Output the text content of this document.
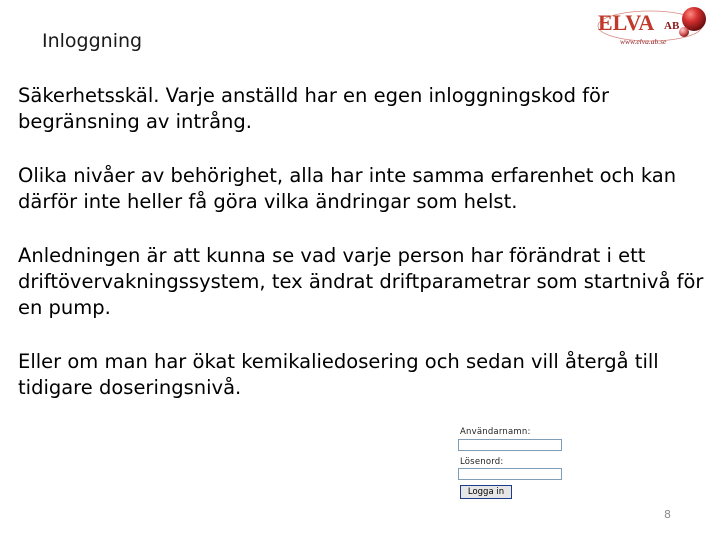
Inloggning
ELVA AB
www.elva.ab.se

Säkerhetsskäl. Varje anställd har en egen inloggningskod för begränsning av intrång.

Olika nivåer av behörighet, alla har inte samma erfarenhet och kan därför inte heller få göra vilka ändringar som helst.

Anledningen är att kunna se vad varje person har förändrat i ett driftövervakningssystem, tex ändrat driftparametrar som startnivå för en pump.

Eller om man har ökat kemikaliedosering och sedan vill återgå till tidigare doseringsnivå.

Användarnamn:
Lösenord:
Logga in
8
